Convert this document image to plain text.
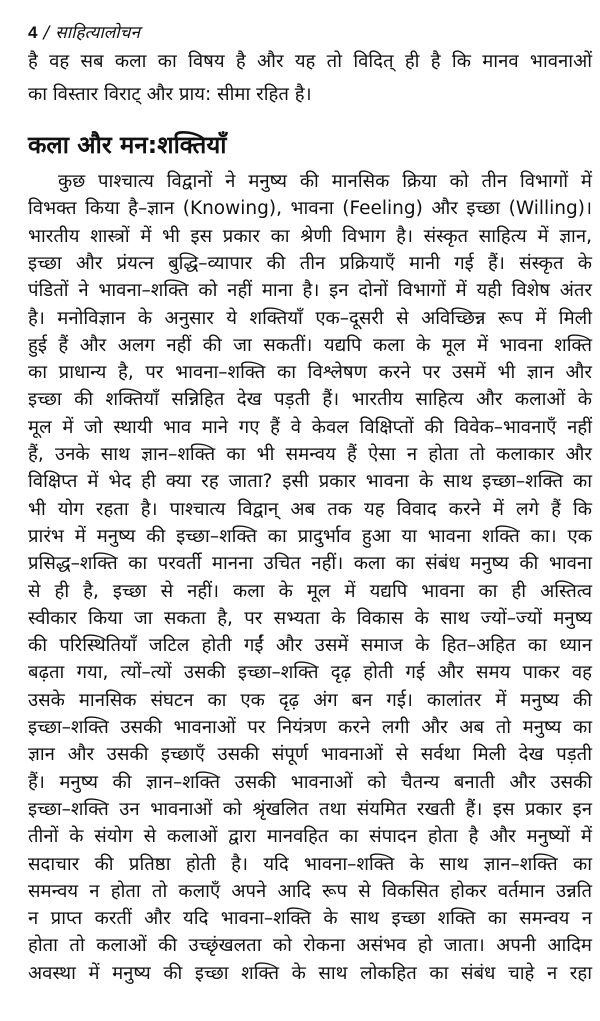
4 / साहित्यालोचन
है वह सब कला का विषय है और यह तो विदित् ही है कि मानव भावनाओं
का विस्तार विराट् और प्राय: सीमा रहित है।
कला और मन:शक्तियाँ
कुछ पाश्चात्य विद्वानों ने मनुष्य की मानसिक क्रिया को तीन विभागों में
विभक्त किया है–ज्ञान (Knowing), भावना (Feeling) और इच्छा (Willing)।
भारतीय शास्त्रों में भी इस प्रकार का श्रेणी विभाग है। संस्कृत साहित्य में ज्ञान,
इच्छा और प्रंयत्न बुद्धि–व्यापार की तीन प्रक्रियाएँ मानी गई हैं। संस्कृत के
पंडितों ने भावना–शक्ति को नहीं माना है। इन दोनों विभागों में यही विशेष अंतर
है। मनोविज्ञान के अनुसार ये शक्तियाँ एक–दूसरी से अविच्छिन्न रूप में मिली
हुई हैं और अलग नहीं की जा सकतीं। यद्यपि कला के मूल में भावना शक्ति
का प्राधान्य है, पर भावना–शक्ति का विश्लेषण करने पर उसमें भी ज्ञान और
इच्छा की शक्तियाँ सन्निहित देख पड़ती हैं। भारतीय साहित्य और कलाओं के
मूल में जो स्थायी भाव माने गए हैं वे केवल विक्षिप्तों की विवेक–भावनाएँ नहीं
हैं, उनके साथ ज्ञान–शक्ति का भी समन्वय हैं ऐसा न होता तो कलाकार और
विक्षिप्त में भेद ही क्या रह जाता? इसी प्रकार भावना के साथ इच्छा–शक्ति का
भी योग रहता है। पाश्चात्य विद्वान् अब तक यह विवाद करने में लगे हैं कि
प्रारंभ में मनुष्य की इच्छा–शक्ति का प्रादुर्भाव हुआ या भावना शक्ति का। एक
प्रसिद्ध–शक्ति का परवर्ती मानना उचित नहीं। कला का संबंध मनुष्य की भावना
से ही है, इच्छा से नहीं। कला के मूल में यद्यपि भावना का ही अस्तित्व
स्वीकार किया जा सकता है, पर सभ्यता के विकास के साथ ज्यों–ज्यों मनुष्य
की परिस्थितियाँ जटिल होती गईं और उसमें समाज के हित–अहित का ध्यान
बढ़ता गया, त्यों–त्यों उसकी इच्छा–शक्ति दृढ़ होती गई और समय पाकर वह
उसके मानसिक संघटन का एक दृढ़ अंग बन गई। कालांतर में मनुष्य की
इच्छा–शक्ति उसकी भावनाओं पर नियंत्रण करने लगी और अब तो मनुष्य का
ज्ञान और उसकी इच्छाएँ उसकी संपूर्ण भावनाओं से सर्वथा मिली देख पड़ती
हैं। मनुष्य की ज्ञान–शक्ति उसकी भावनाओं को चैतन्य बनाती और उसकी
इच्छा–शक्ति उन भावनाओं को श्रृंखलित तथा संयमित रखती हैं। इस प्रकार इन
तीनों के संयोग से कलाओं द्वारा मानवहित का संपादन होता है और मनुष्यों में
सदाचार की प्रतिष्ठा होती है। यदि भावना–शक्ति के साथ ज्ञान–शक्ति का
समन्वय न होता तो कलाएँ अपने आदि रूप से विकसित होकर वर्तमान उन्नति
न प्राप्त करतीं और यदि भावना–शक्ति के साथ इच्छा शक्ति का समन्वय न
होता तो कलाओं की उच्छृंखलता को रोकना असंभव हो जाता। अपनी आदिम
अवस्था में मनुष्य की इच्छा शक्ति के साथ लोकहित का संबंध चाहे न रहा
